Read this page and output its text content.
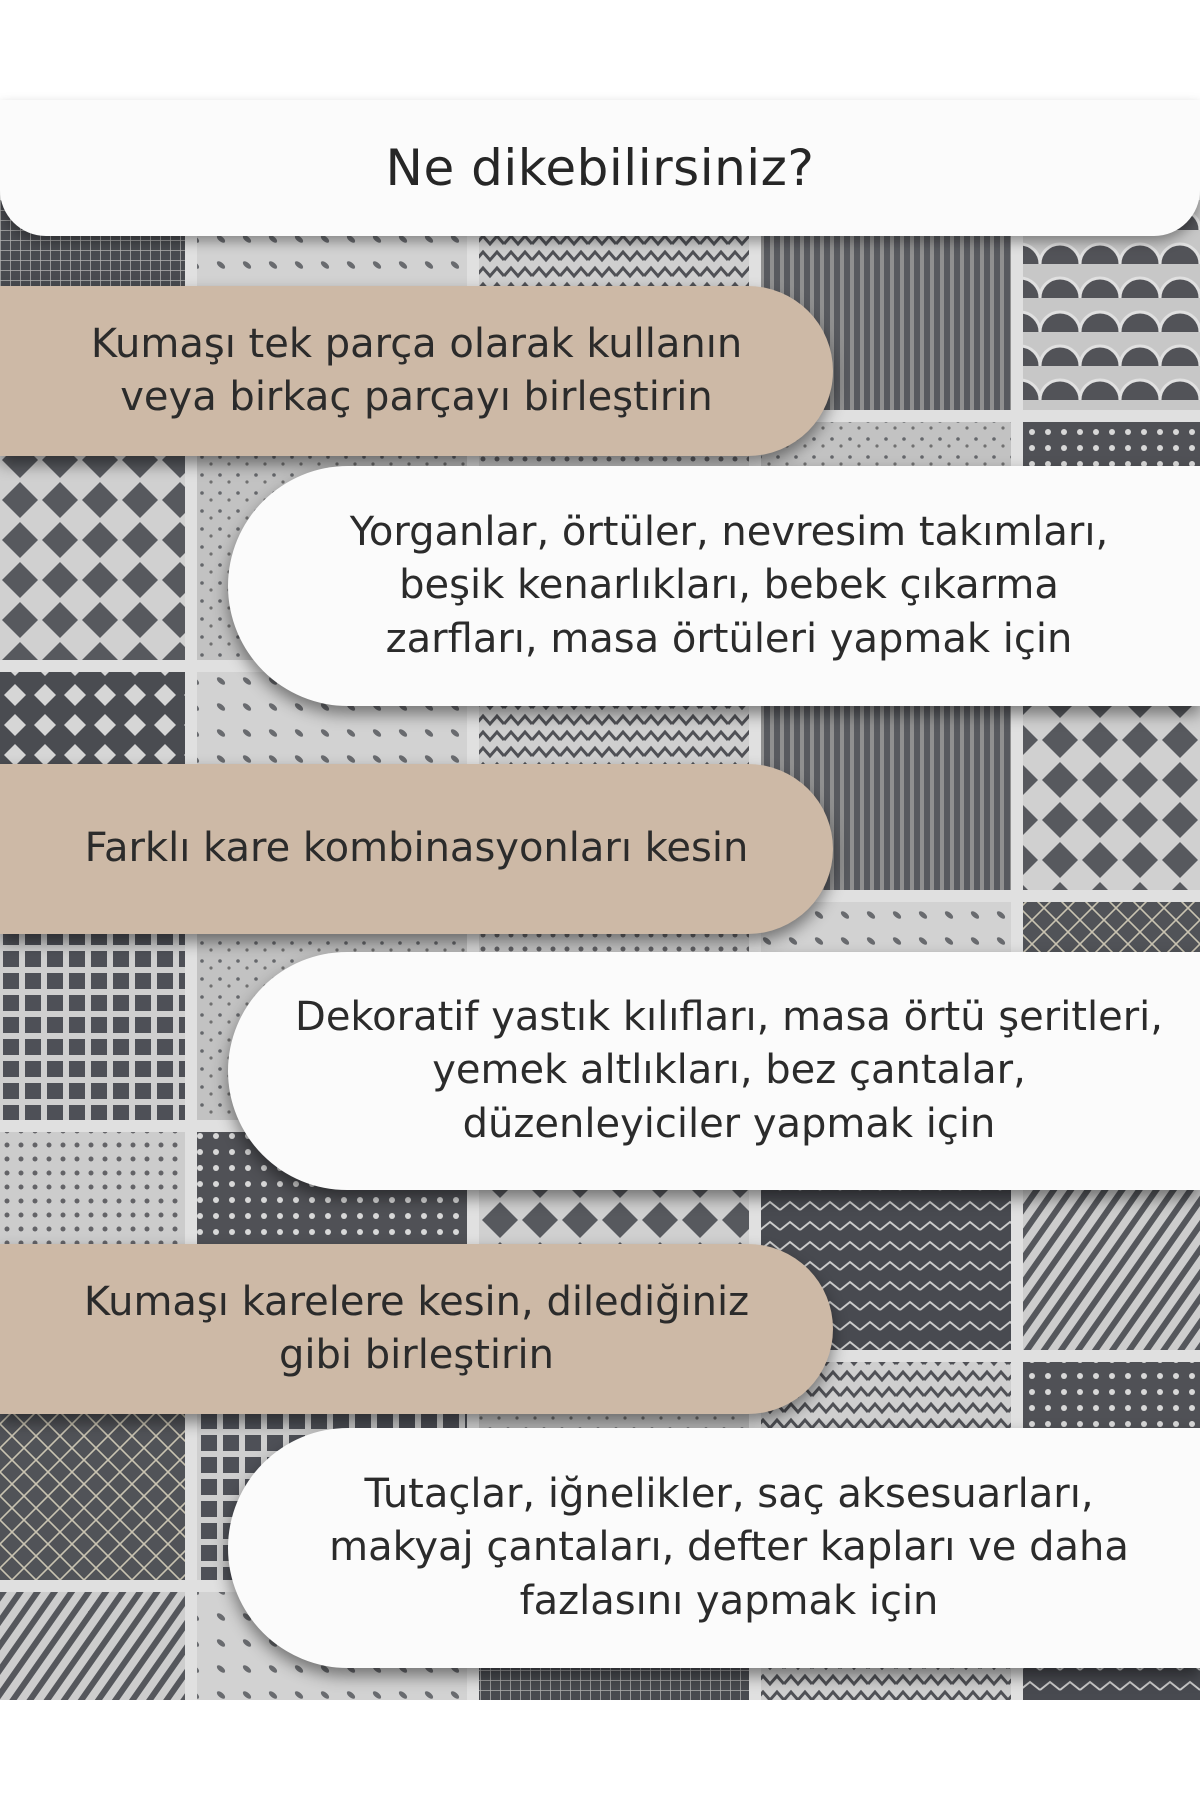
Ne dikebilirsiniz?

Kumaşı tek parça olarak kullanın
veya birkaç parçayı birleştirin

Yorganlar, örtüler, nevresim takımları,
beşik kenarlıkları, bebek çıkarma
zarfları, masa örtüleri yapmak için

Farklı kare kombinasyonları kesin

Dekoratif yastık kılıfları, masa örtü şeritleri,
yemek altlıkları, bez çantalar,
düzenleyiciler yapmak için

Kumaşı karelere kesin, dilediğiniz
gibi birleştirin

Tutaçlar, iğnelikler, saç aksesuarları,
makyaj çantaları, defter kapları ve daha
fazlasını yapmak için
